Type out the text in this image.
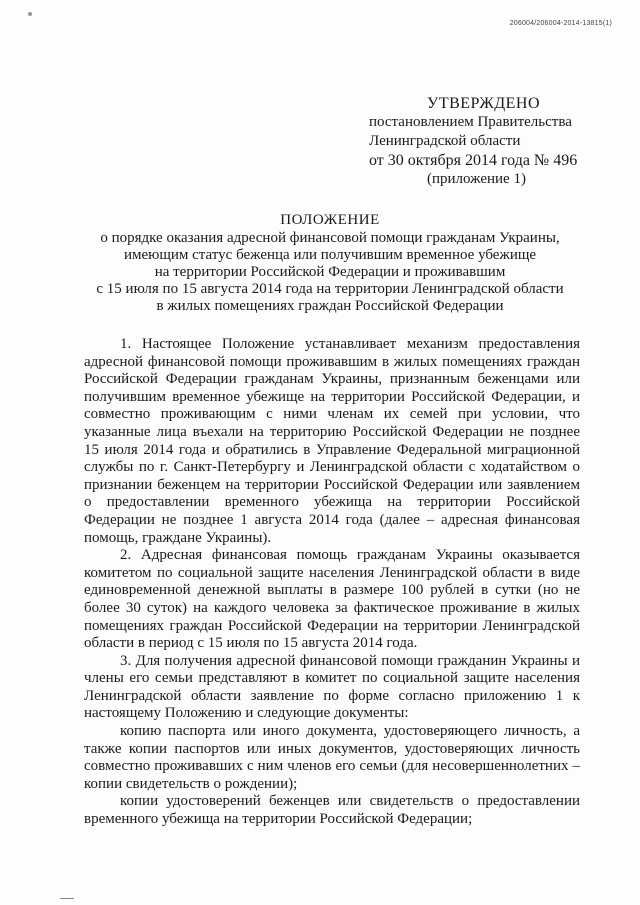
206004/206004-2014-13815(1)
УТВЕРЖДЕНО
постановлением Правительства
Ленинградской области
от 30 октября 2014 года № 496
(приложение 1)
ПОЛОЖЕНИЕ
о порядке оказания адресной финансовой помощи гражданам Украины,
имеющим статус беженца или получившим временное убежище
на территории Российской Федерации и проживавшим
с 15 июля по 15 августа 2014 года на территории Ленинградской области
в жилых помещениях граждан Российской Федерации

1. Настоящее Положение устанавливает механизм предоставления адресной финансовой помощи проживавшим в жилых помещениях граждан Российской Федерации гражданам Украины, признанным беженцами или получившим временное убежище на территории Российской Федерации, и совместно проживающим с ними членам их семей при условии, что указанные лица въехали на территорию Российской Федерации не позднее 15 июля 2014 года и обратились в Управление Федеральной миграционной службы по г. Санкт-Петербургу и Ленинградской области с ходатайством о признании беженцем на территории Российской Федерации или заявлением о предоставлении временного убежища на территории Российской Федерации не позднее 1 августа 2014 года (далее – адресная финансовая помощь, граждане Украины).

2. Адресная финансовая помощь гражданам Украины оказывается комитетом по социальной защите населения Ленинградской области в виде единовременной денежной выплаты в размере 100 рублей в сутки (но не более 30 суток) на каждого человека за фактическое проживание в жилых помещениях граждан Российской Федерации на территории Ленинградской области в период с 15 июля по 15 августа 2014 года.

3. Для получения адресной финансовой помощи гражданин Украины и члены его семьи представляют в комитет по социальной защите населения Ленинградской области заявление по форме согласно приложению 1 к настоящему Положению и следующие документы:

копию паспорта или иного документа, удостоверяющего личность, а также копии паспортов или иных документов, удостоверяющих личность совместно проживавших с ним членов его семьи (для несовершеннолетних – копии свидетельств о рождении);

копии удостоверений беженцев или свидетельств о предоставлении временного убежища на территории Российской Федерации;
